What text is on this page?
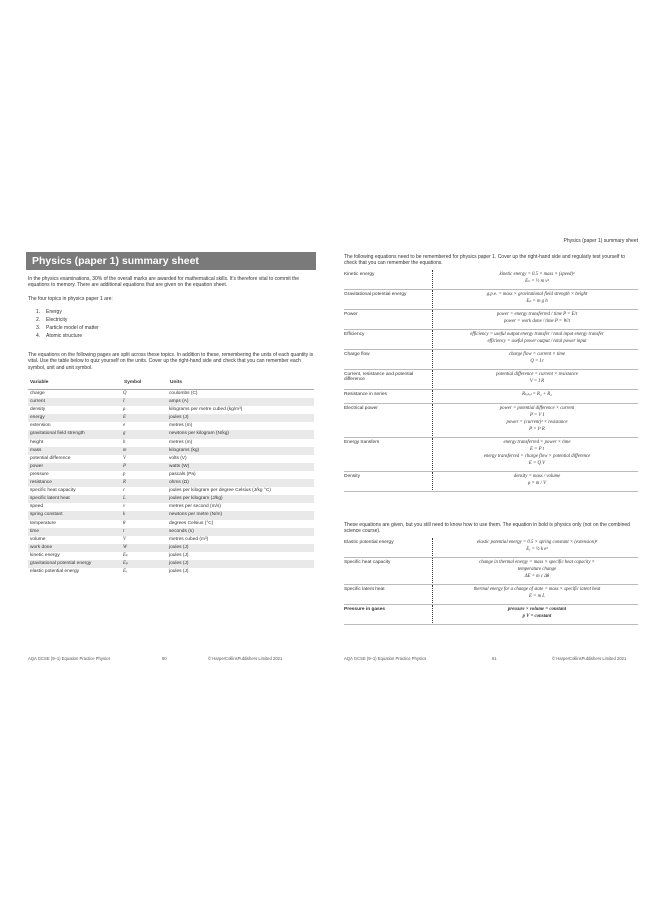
Physics (paper 1) summary sheet
In the physics examinations, 30% of the overall marks are awarded for mathematical skills. It's therefore vital to commit the equations to memory. There are additional equations that are given on the equation sheet.
The four topics in physics paper 1 are:
1. Energy
2. Electricity
3. Particle model of matter
4. Atomic structure
The equations on the following pages are split across these topics. In addition to these, remembering the units of each quantity is vital. Use the table below to quiz yourself on the units. Cover up the right-hand side and check that you can remember each symbol, unit and unit symbol.
Variable	Symbol	Units
charge	Q	coulombs (C)
current	I	amps (A)
density	ρ	kilograms per metre cubed (kg/m³)
energy	E	joules (J)
extension	e	metres (m)
gravitational field strength	g	newtons per kilogram (N/kg)
height	h	metres (m)
mass	m	kilograms (kg)
potential difference	V	volts (V)
power	P	watts (W)
pressure	p	pascals (Pa)
resistance	R	ohms (Ω)
specific heat capacity	c	joules per kilogram per degree Celsius (J/kg °C)
specific latent heat	L	joules per kilogram (J/kg)
speed	v	metres per second (m/s)
spring constant	k	newtons per metre (N/m)
temperature	θ	degrees Celsius (°C)
time	t	seconds (s)
volume	V	metres cubed (m³)
work done	W	joules (J)
kinetic energy	Eₖ	joules (J)
gravitational potential energy	Eₚ	joules (J)
elastic potential energy	Eₑ	joules (J)
AQA GCSE (9–1) Equation Practice Physics	60	© HarperCollinsPublishers Limited 2021
Physics (paper 1) summary sheet
The following equations need to be remembered for physics paper 1. Cover up the right-hand side and regularly test yourself to check that you can remember the equations.
Kinetic energy	kinetic energy = 0.5 × mass × (speed)²
Eₖ = ½ m v²
Gravitational potential energy	g.p.e. = mass × gravitational field strength × height
Eₚ = m g h
Power	power = energy transferred / time P = E/t
power = work done / time P = W/t
Efficiency	efficiency = useful output energy transfer / total input energy transfer
efficiency = useful power output / total power input
Charge flow	charge flow = current × time
Q = I t
Current, resistance and potential difference
potential difference = current × resistance
V = I R
Resistance in series	Rₜₒₜₐₗ = R₁ + R₂
Electrical power	power = potential difference × current
P = V I
power = (current)² × resistance
P = I² R
Energy transfers	energy transferred = power × time
E = P t
energy transferred = charge flow × potential difference
E = Q V
Density	density = mass / volume
ρ = m / V
These equations are given, but you still need to know how to use them. The equation in bold is physics only (not on the combined science course).
Elastic potential energy	elastic potential energy = 0.5 × spring constant × (extension)²
Eₑ = ½ k e²
Specific heat capacity	change in thermal energy = mass × specific heat capacity ×
temperature change
ΔE = m c Δθ
Specific latent heat	thermal energy for a change of state = mass × specific latent heat
E = m L
Pressure in gases	pressure × volume = constant
p V = constant
AQA GCSE (9–1) Equation Practice Physics	61	© HarperCollinsPublishers Limited 2021
